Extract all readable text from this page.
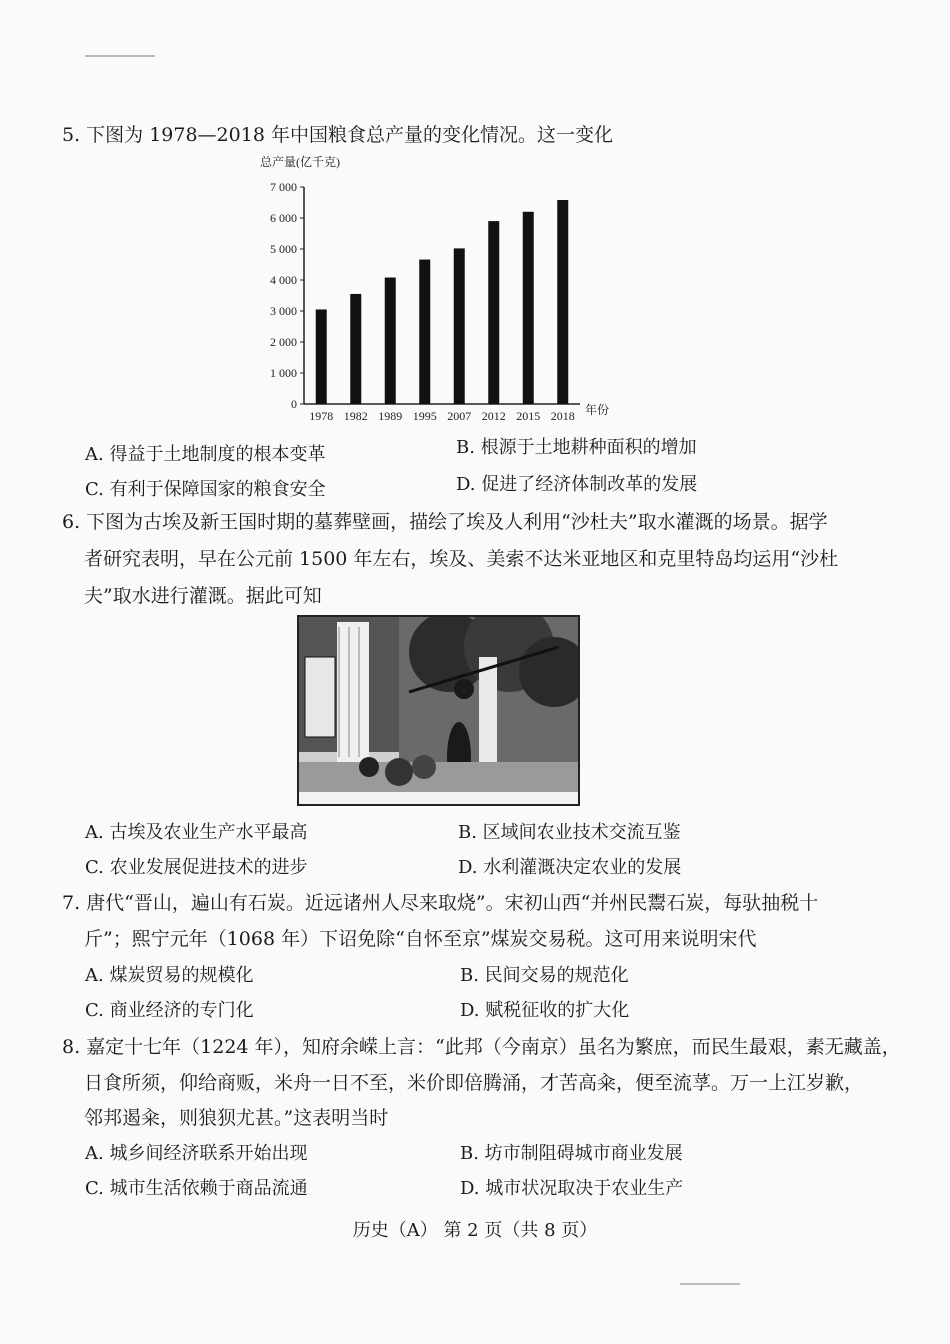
5. 下图为 1978—2018 年中国粮食总产量的变化情况。这一变化
总产量(亿千克)
0
1 000
2 000
3 000
4 000
5 000
6 000
7 000
1978 1982 1989 1995 2007 2012 2015 2018 年份
A. 得益于土地制度的根本变革	B. 根源于土地耕种面积的增加
C. 有利于保障国家的粮食安全	D. 促进了经济体制改革的发展
6. 下图为古埃及新王国时期的墓葬壁画，描绘了埃及人利用“沙杜夫”取水灌溉的场景。据学
者研究表明，早在公元前 1500 年左右，埃及、美索不达米亚地区和克里特岛均运用“沙杜
夫”取水进行灌溉。据此可知
A. 古埃及农业生产水平最高	B. 区域间农业技术交流互鉴
C. 农业发展促进技术的进步	D. 水利灌溉决定农业的发展
7. 唐代“晋山，遍山有石炭。近远诸州人尽来取烧”。宋初山西“并州民鬻石炭，每驮抽税十
斤”；熙宁元年（1068 年）下诏免除“自怀至京”煤炭交易税。这可用来说明宋代
A. 煤炭贸易的规模化	B. 民间交易的规范化
C. 商业经济的专门化	D. 赋税征收的扩大化
8. 嘉定十七年（1224 年），知府余嵘上言：“此邦（今南京）虽名为繁庶，而民生最艰，素无藏盖，
日食所须，仰给商贩，米舟一日不至，米价即倍腾涌，才苦高籴，便至流莩。万一上江岁歉，
邻邦遏籴，则狼狈尤甚。”这表明当时
A. 城乡间经济联系开始出现	B. 坊市制阻碍城市商业发展
C. 城市生活依赖于商品流通	D. 城市状况取决于农业生产
历史（A） 第 2 页（共 8 页）
